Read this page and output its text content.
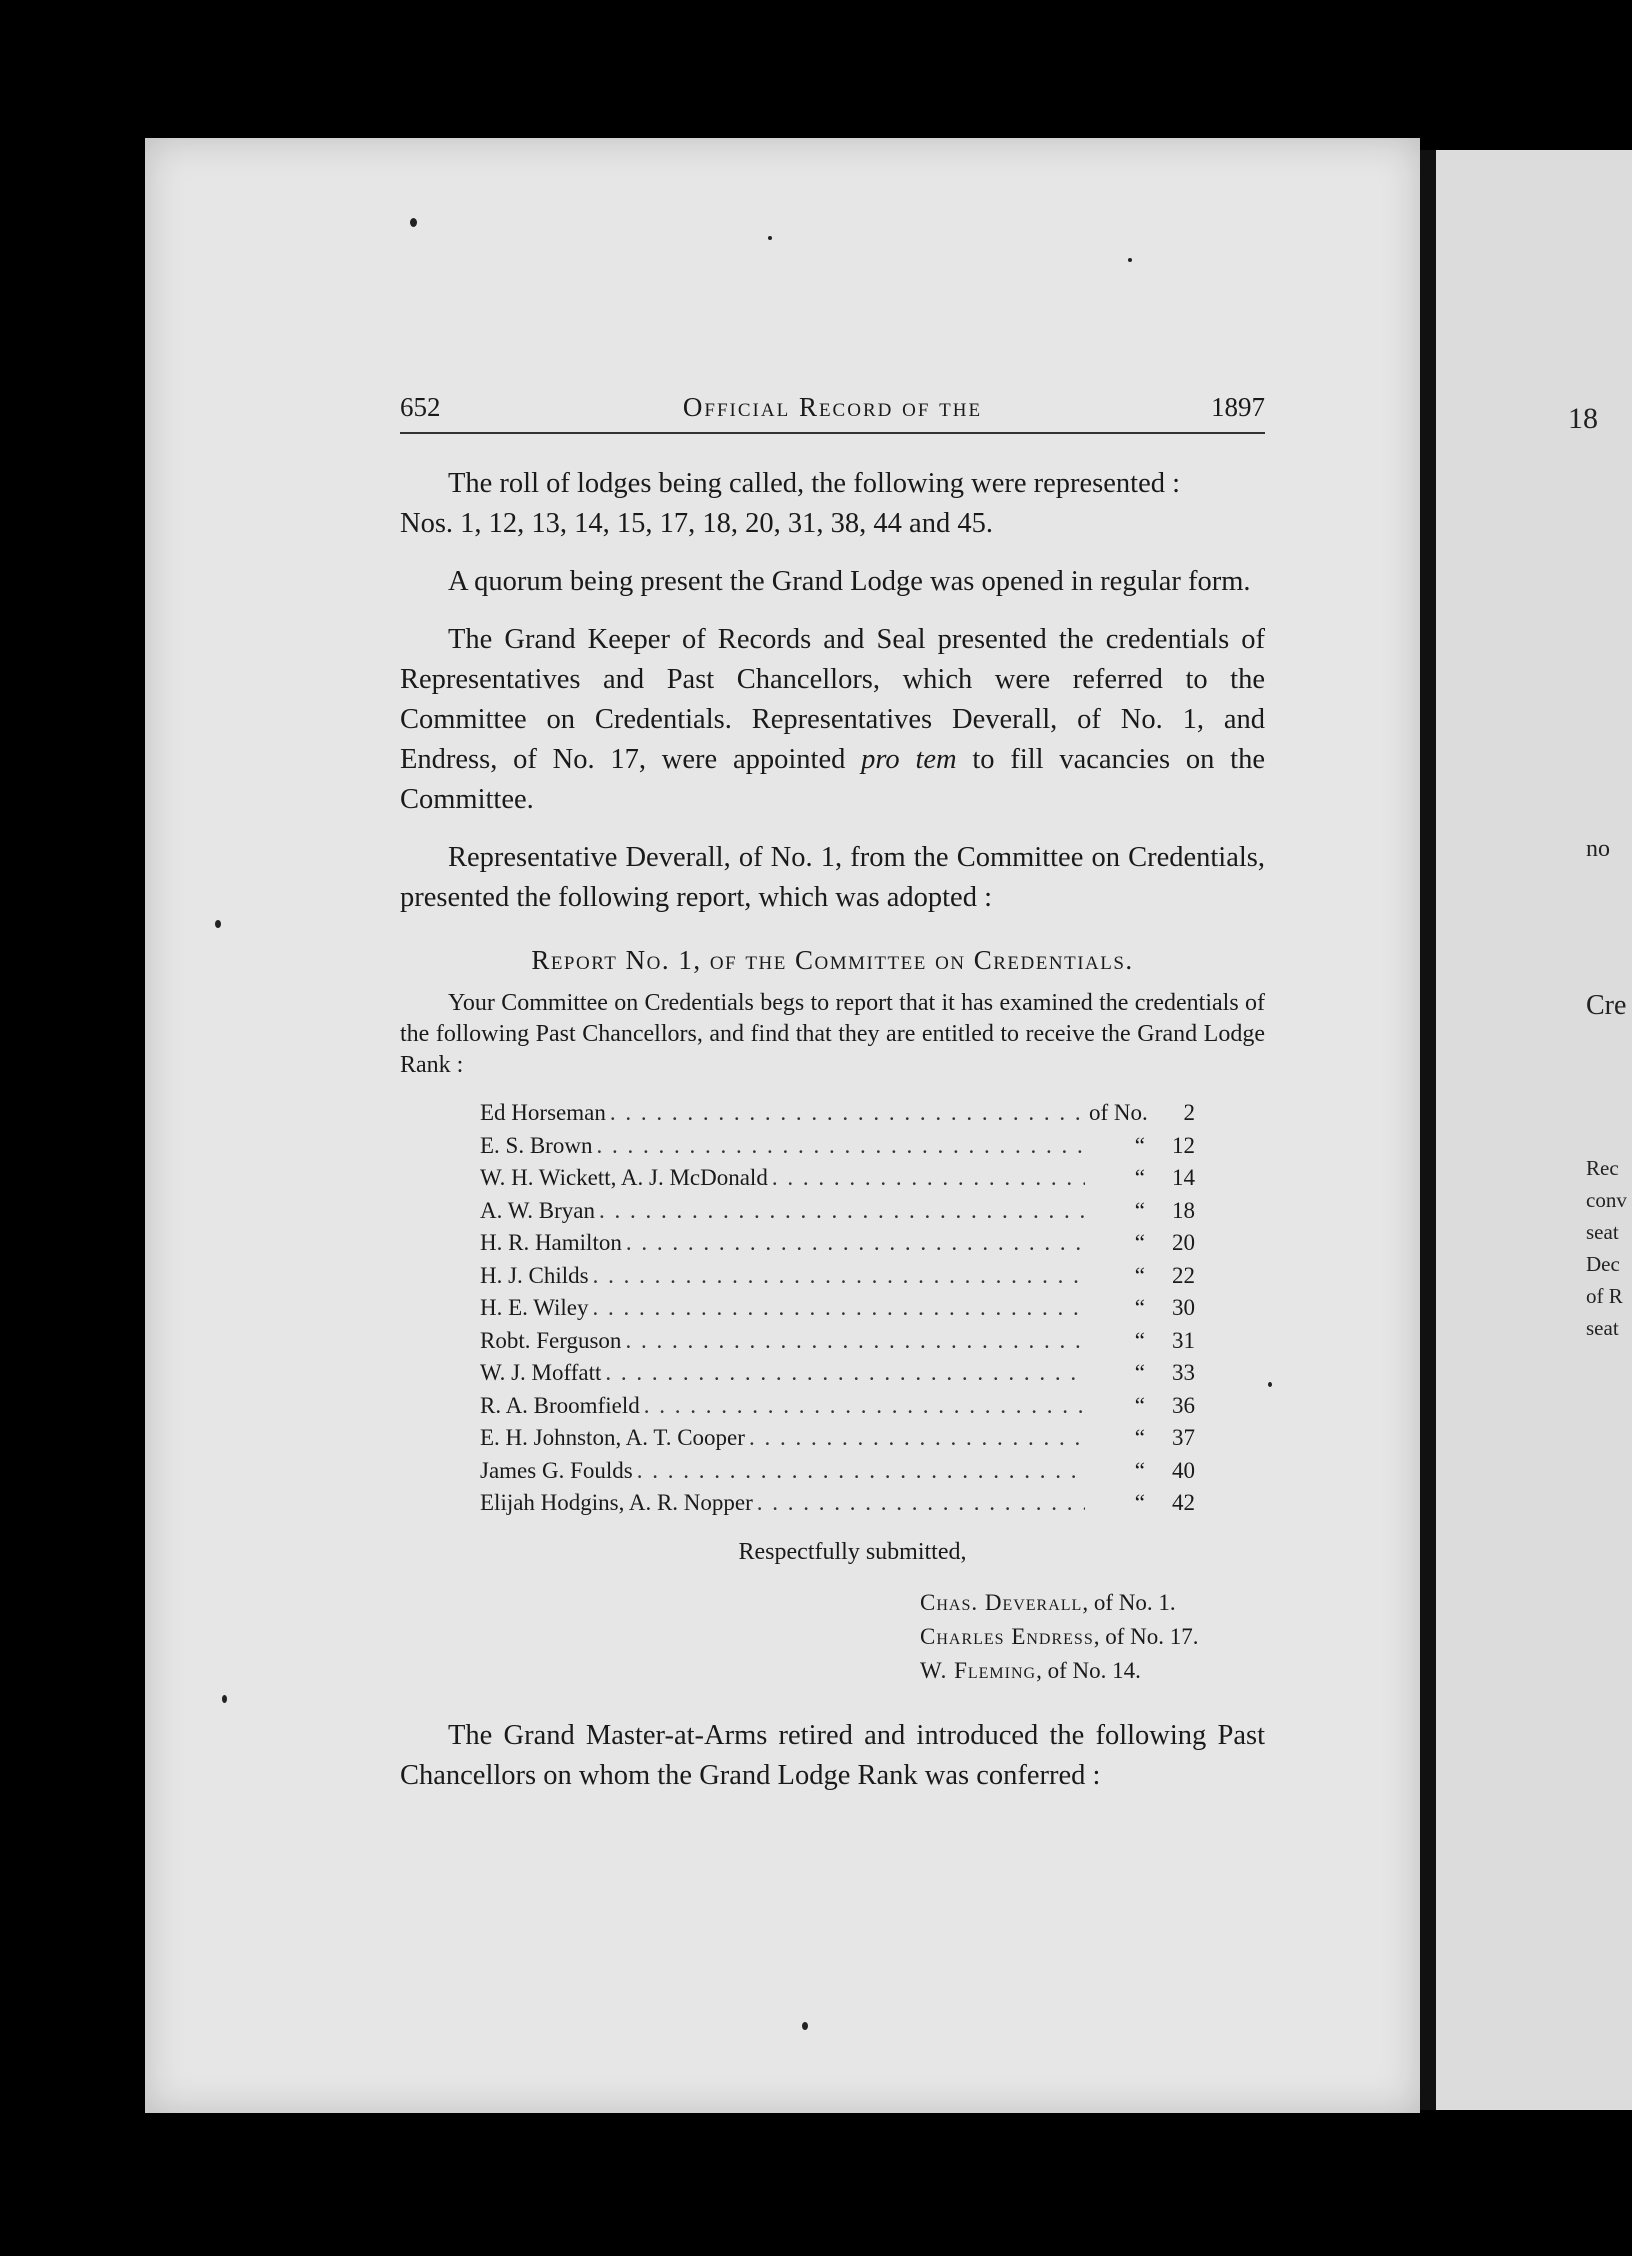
18
no
Cre
Rec
conv
seat
Dec
of R
seat
652	Official Record of the	1897

The roll of lodges being called, the following were represented :
Nos. 1, 12, 13, 14, 15, 17, 18, 20, 31, 38, 44 and 45.

A quorum being present the Grand Lodge was opened in regular form.

The Grand Keeper of Records and Seal presented the credentials of Representatives and Past Chancellors, which were referred to the Committee on Credentials. Representatives Deverall, of No. 1, and Endress, of No. 17, were appointed pro tem to fill vacancies on the Committee.

Representative Deverall, of No. 1, from the Committee on Credentials, presented the following report, which was adopted :

Report No. 1, of the Committee on Credentials.

Your Committee on Credentials begs to report that it has examined the credentials of the following Past Chancellors, and find that they are entitled to receive the Grand Lodge Rank :

Ed Horseman . . .	of No.	2
E. S. Brown . . .	“	12
W. H. Wickett, A. J. McDonald . . .	“	14
A. W. Bryan . . .	“	18
H. R. Hamilton . . .	“	20
H. J. Childs . . .	“	22
H. E. Wiley . . .	“	30
Robt. Ferguson . . .	“	31
W. J. Moffatt . . .	“	33
R. A. Broomfield . . .	“	36
E. H. Johnston, A. T. Cooper . . .	“	37
James G. Foulds . . .	“	40
Elijah Hodgins, A. R. Nopper . . .	“	42
Respectfully submitted,
Chas. Deverall, of No. 1.
Charles Endress, of No. 17.
W. Fleming, of No. 14.

The Grand Master-at-Arms retired and introduced the following Past Chancellors on whom the Grand Lodge Rank was conferred :
